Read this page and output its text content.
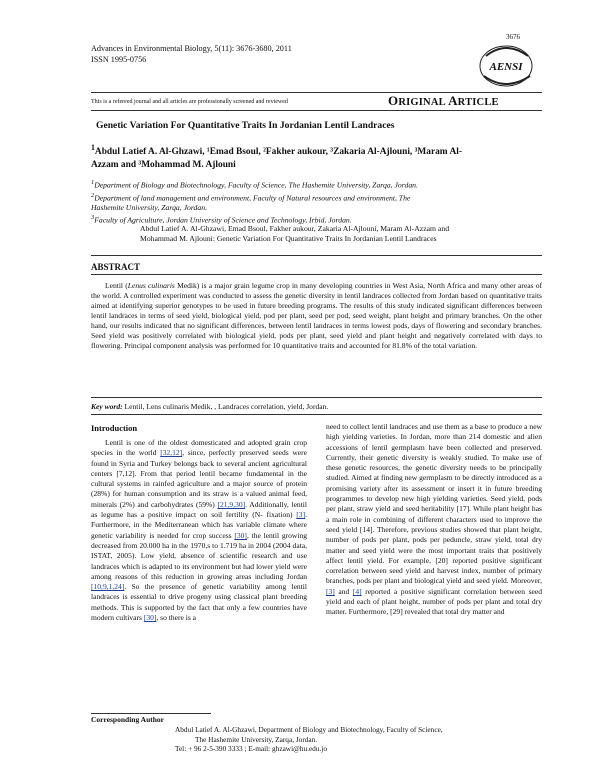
Advances in Environmental Biology, 5(11): 3676-3680, 2011
ISSN 1995-0756
3676
AENSI
This is a refereed journal and all articles are professionally screened and reviewed	ORIGINAL ARTICLE
Genetic Variation For Quantitative Traits In Jordanian Lentil Landraces
$^1$Abdul Latief A. Al-Ghzawi, ¹Emad Bsoul, ²Fakher aukour, ³Zakaria Al-Ajlouni, ³Maram Al-
Azzam and ³Mohammad M. Ajlouni
$^1$Department of Biology and Biotechnology, Faculty of Science, The Hashemite University, Zarqa, Jordan.
$^2$Department of land management and environment, Faculty of Natural resources and environment, The
Hashemite University, Zarqa, Jordan.
$^3$Faculty of Agriculture, Jordan University of Science and Technology, Irbid, Jordan.
Abdul Latief A. Al-Ghzawi, Emad Bsoul, Fakher aukour, Zakaria Al-Ajlouni, Maram Al-Azzam and
Mohammad M. Ajlouni: Genetic Variation For Quantitative Traits In Jordanian Lentil Landraces
ABSTRACT

Lentil (Lenus culinaris Medik) is a major grain legume crop in many developing countries in West Asia, North Africa and many other areas of the world. A controlled experiment was conducted to assess the genetic diversity in lentil landraces collected from Jordan based on quantitative traits aimed at identifying superior genotypes to be used in future breeding programs. The results of this study indicated significant differences between lentil landraces in terms of seed yield, biological yield, pod per plant, seed per pod, seed weight, plant height and primary branches. On the other hand, our results indicated that no significant differences, between lentil landraces in terms lowest pods, days of flowering and secondary branches. Seed yield was positively correlated with biological yield, pods per plant, seed yield and plant height and negatively correlated with days to flowering. Principal component analysis was performed for 10 quantitative traits and accounted for 81.8% of the total variation.

Key word: Lentil, Lens culinaris Medik, , Landraces correlation, yield, Jordan.
Introduction

Lentil is one of the oldest domesticated and adopted grain crop species in the world [32,12], since, perfectly preserved seeds were found in Syria and Turkey belongs back to several ancient agricultural centers [7,12]. From that period lentil became fundamental in the cultural systems in rainfed agriculture and a major source of protein (28%) for human consumption and its straw is a valued animal feed, minerals (2%) and carbohydrates (59%) [21,9,30]. Additionally, lentil as legume has a positive impact on soil fertility (N- fixation) [3]. Furthermore, in the Mediterranean which has variable climate where genetic variability is needed for crop success [30], the lentil growing decreased from 20.000 ha in the 1970,s to 1.719 ha in 2004 (2004 data, ISTAT, 2005). Low yield, absence of scientific research and use landraces which is adapted to its environment but had lower yield were among reasons of this reduction in growing areas including Jordan [10,9,1,24]. So the presence of genetic variability among lentil landraces is essential to drive progeny using classical plant breeding methods. This is supported by the fact that only a few countries have modern cultivars [30], so there is a

need to collect lentil landraces and use them as a base to produce a new high yielding varieties. In Jordan, more than 214 domestic and alien accessions of lentil germplasm have been collected and preserved. Currently, their genetic diversity is weakly studied. To make use of these genetic resources, the genetic diversity needs to be principally studied. Aimed at finding new germplasm to be directly introduced as a promising variety after its assessment or insert it in future breeding programmes to develop new high yielding varieties. Seed yield, pods per plant, straw yield and seed heritability [17]. While plant height has a main role in combining of different characters used to improve the seed yield [14]. Therefore, previous studies showed that plant height, number of pods per plant, pods per peduncle, straw yield, total dry matter and seed yield were the most important traits that positively affect lentil yield. For example, [20] reported positive significant correlation between seed yield and harvest index, number of primary branches, pods per plant and biological yield and seed yield. Moreover, [3] and [4] reported a positive significant correlation between seed yield and each of plant height, number of pods per plant and total dry matter. Furthermore, [29] revealed that total dry matter and

Corresponding Author
Abdul Latief A. Al-Ghzawi, Department of Biology and Biotechnology, Faculty of Science,
The Hashemite University, Zarqa, Jordan.
Tel: + 96 2-5-390 3333 ; E-mail: ghzawi@hu.edu.jo
